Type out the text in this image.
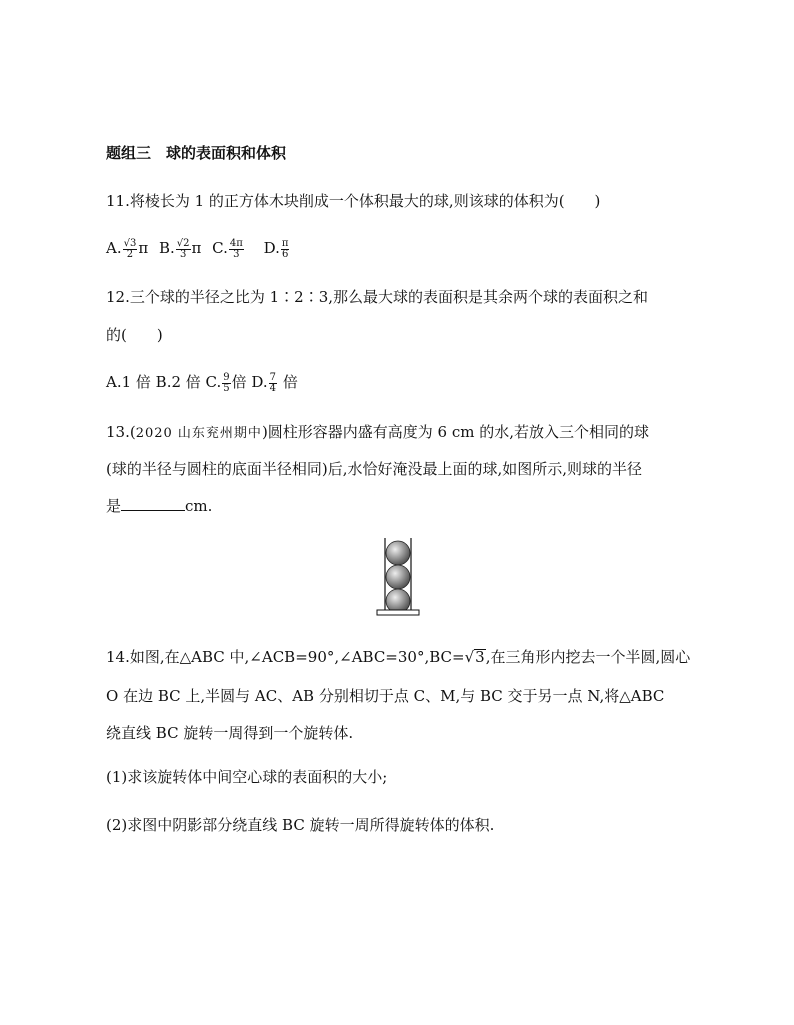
题组三　球的表面积和体积
11.将棱长为 1 的正方体木块削成一个体积最大的球,则该球的体积为(　　)
A. $\frac{√3}{2}$ π B. $\frac{√2}{3}$ π C. $\frac{4\pi}{3} D$. $\frac{\pi}{6}$
12.三个球的半径之比为 1∶2∶3,那么最大球的表面积是其余两个球的表面积之和
的(　　)
A.1 倍 B.2 倍 C. $\frac{9}{5}$ 倍 D. $\frac{7}{4}$ 倍
13.(2020 山东兖州期中)圆柱形容器内盛有高度为 6 cm 的水,若放入三个相同的球
(球的半径与圆柱的底面半径相同)后,水恰好淹没最上面的球,如图所示,则球的半径
是	cm.
14.如图,在△ABC 中,∠ACB=90°,∠ABC=30°,BC=√3,在三角形内挖去一个半圆,圆心
O 在边 BC 上,半圆与 AC、AB 分别相切于点 C、M,与 BC 交于另一点 N,将△ABC
绕直线 BC 旋转一周得到一个旋转体.
(1)求该旋转体中间空心球的表面积的大小;
(2)求图中阴影部分绕直线 BC 旋转一周所得旋转体的体积.
